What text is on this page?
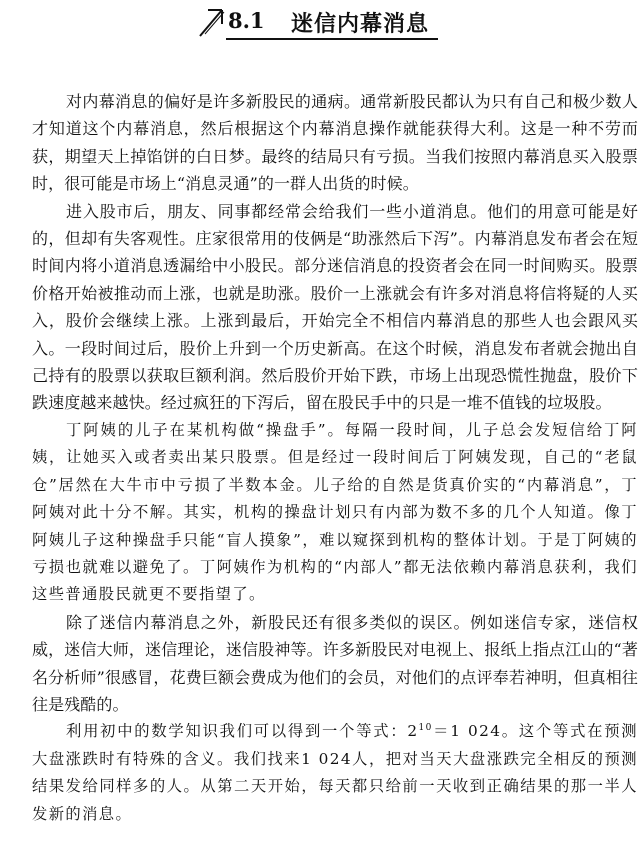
8.1 迷信内幕消息

对内幕消息的偏好是许多新股民的通病。通常新股民都认为只有自己和极少数人才知道这个内幕消息，然后根据这个内幕消息操作就能获得大利。这是一种不劳而获，期望天上掉馅饼的白日梦。最终的结局只有亏损。当我们按照内幕消息买入股票时，很可能是市场上“消息灵通”的一群人出货的时候。

进入股市后，朋友、同事都经常会给我们一些小道消息。他们的用意可能是好的，但却有失客观性。庄家很常用的伎俩是“助涨然后下泻”。内幕消息发布者会在短时间内将小道消息透漏给中小股民。部分迷信消息的投资者会在同一时间购买。股票价格开始被推动而上涨，也就是助涨。股价一上涨就会有许多对消息将信将疑的人买入，股价会继续上涨。上涨到最后，开始完全不相信内幕消息的那些人也会跟风买入。一段时间过后，股价上升到一个历史新高。在这个时候，消息发布者就会抛出自己持有的股票以获取巨额利润。然后股价开始下跌，市场上出现恐慌性抛盘，股价下跌速度越来越快。经过疯狂的下泻后，留在股民手中的只是一堆不值钱的垃圾股。

丁阿姨的儿子在某机构做“操盘手”。每隔一段时间，儿子总会发短信给丁阿姨，让她买入或者卖出某只股票。但是经过一段时间后丁阿姨发现，自己的“老鼠仓”居然在大牛市中亏损了半数本金。儿子给的自然是货真价实的“内幕消息”，丁阿姨对此十分不解。其实，机构的操盘计划只有内部为数不多的几个人知道。像丁阿姨儿子这种操盘手只能“盲人摸象”，难以窥探到机构的整体计划。于是丁阿姨的亏损也就难以避免了。丁阿姨作为机构的“内部人”都无法依赖内幕消息获利，我们这些普通股民就更不要指望了。

除了迷信内幕消息之外，新股民还有很多类似的误区。例如迷信专家，迷信权威，迷信大师，迷信理论，迷信股神等。许多新股民对电视上、报纸上指点江山的“著名分析师”很感冒，花费巨额会费成为他们的会员，对他们的点评奉若神明，但真相往往是残酷的。

利用初中的数学知识我们可以得到一个等式：$2^{10}=1$ 024。这个等式在预测大盘涨跌时有特殊的含义。我们找来1 024人，把对当天大盘涨跌完全相反的预测结果发给同样多的人。从第二天开始，每天都只给前一天收到正确结果的那一半人发新的消息。
